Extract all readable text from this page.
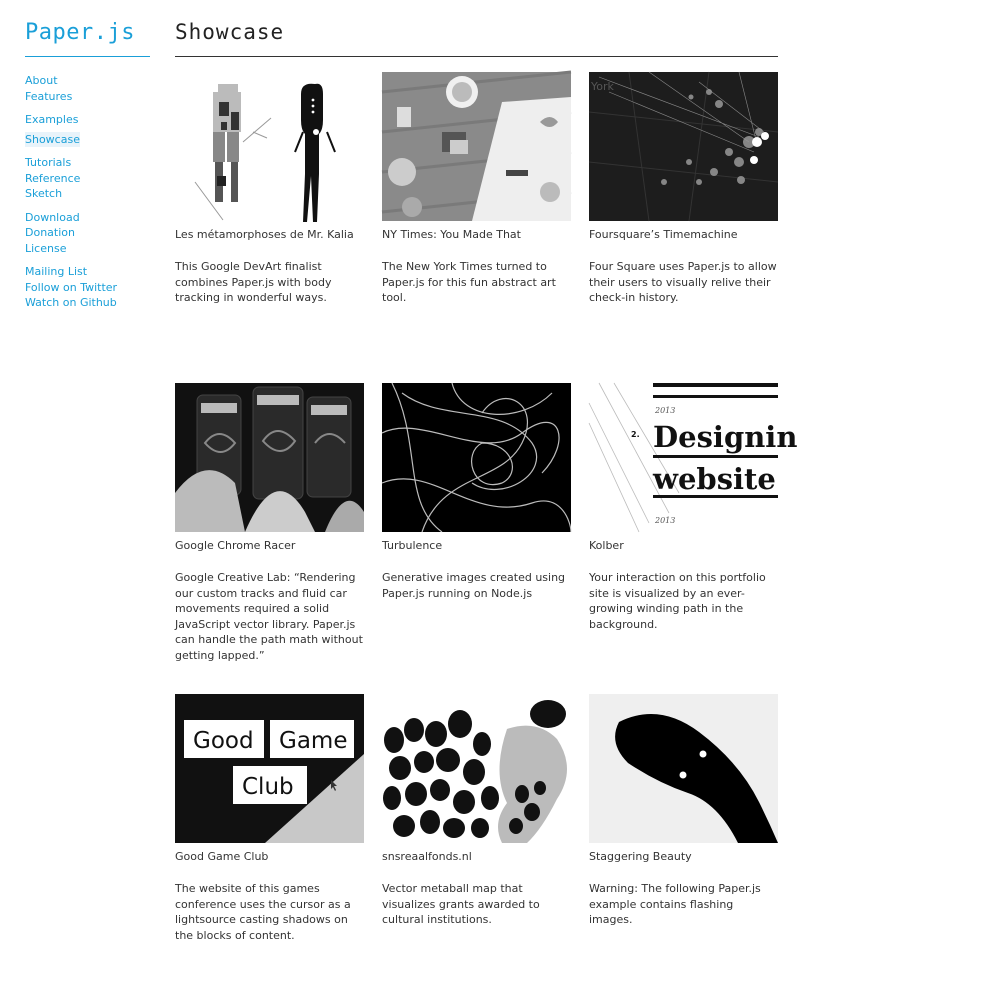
Paper.js
About
Features
Examples
Showcase
Tutorials
Reference
Sketch
Download
Donation
License
Mailing List
Follow on Twitter
Watch on Github
Showcase
Les métamorphoses de Mr. Kalia
This Google DevArt finalist combines Paper.js with body tracking in wonderful ways.
NY Times: You Made That
The New York Times turned to Paper.js for this fun abstract art tool.
York
Foursquare’s Timemachine
Four Square uses Paper.js to allow their users to visually relive their check-in history.
Google Chrome Racer
Google Creative Lab: “Rendering our custom tracks and fluid car movements required a solid JavaScript vector library. Paper.js can handle the path math without getting lapped.”
Turbulence
Generative images created using Paper.js running on Node.js
2013
2. Designin
website
2013
Kolber
Your interaction on this portfolio site is visualized by an ever-growing winding path in the background.
Good Game
Club
Good Game Club
The website of this games conference uses the cursor as a lightsource casting shadows on the blocks of content.
snsreaalfonds.nl
Vector metaball map that visualizes grants awarded to cultural institutions.
Staggering Beauty
Warning: The following Paper.js example contains flashing images.
